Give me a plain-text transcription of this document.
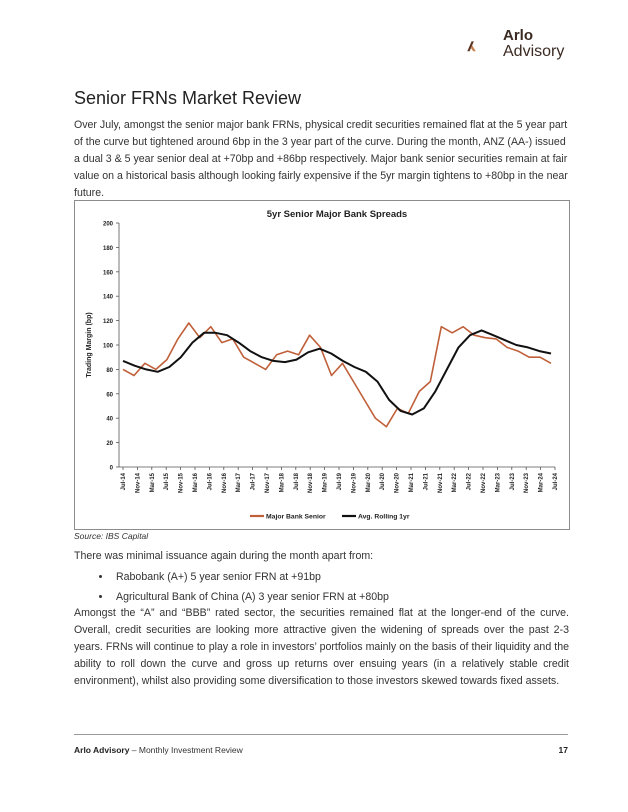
Arlo
Advisory
Senior FRNs Market Review

Over July, amongst the senior major bank FRNs, physical credit securities remained flat at the 5 year part of the curve but tightened around 6bp in the 3 year part of the curve. During the month, ANZ (AA-) issued a dual 3 & 5 year senior deal at +70bp and +86bp respectively. Major bank senior securities remain at fair value on a historical basis although looking fairly expensive if the 5yr margin tightens to +80bp in the near future.

5yr Senior Major Bank Spreads
0
20
40
60
80
100
120
140
160
180
200
Trading Margin (bp)
Jul-14 Nov-14 Mar-15 Jul-15 Nov-15 Mar-16 Jul-16 Nov-16 Mar-17 Jul-17 Nov-17 Mar-18 Jul-18 Nov-18 Mar-19 Jul-19 Nov-19 Mar-20 Jul-20 Nov-20 Mar-21 Jul-21 Nov-21 Mar-22 Jul-22 Nov-22 Mar-23 Jul-23 Nov-23 Mar-24 Jul-24
Major Bank Senior	Avg. Rolling 1yr
Source: IBS Capital

There was minimal issuance again during the month apart from:

• Rabobank (A+) 5 year senior FRN at +91bp
• Agricultural Bank of China (A) 3 year senior FRN at +80bp

Amongst the “A” and “BBB” rated sector, the securities remained flat at the longer-end of the curve. Overall, credit securities are looking more attractive given the widening of spreads over the past 2-3 years. FRNs will continue to play a role in investors’ portfolios mainly on the basis of their liquidity and the ability to roll down the curve and gross up returns over ensuing years (in a relatively stable credit environment), whilst also providing some diversification to those investors skewed towards fixed assets.

Arlo Advisory – Monthly Investment Review	17
